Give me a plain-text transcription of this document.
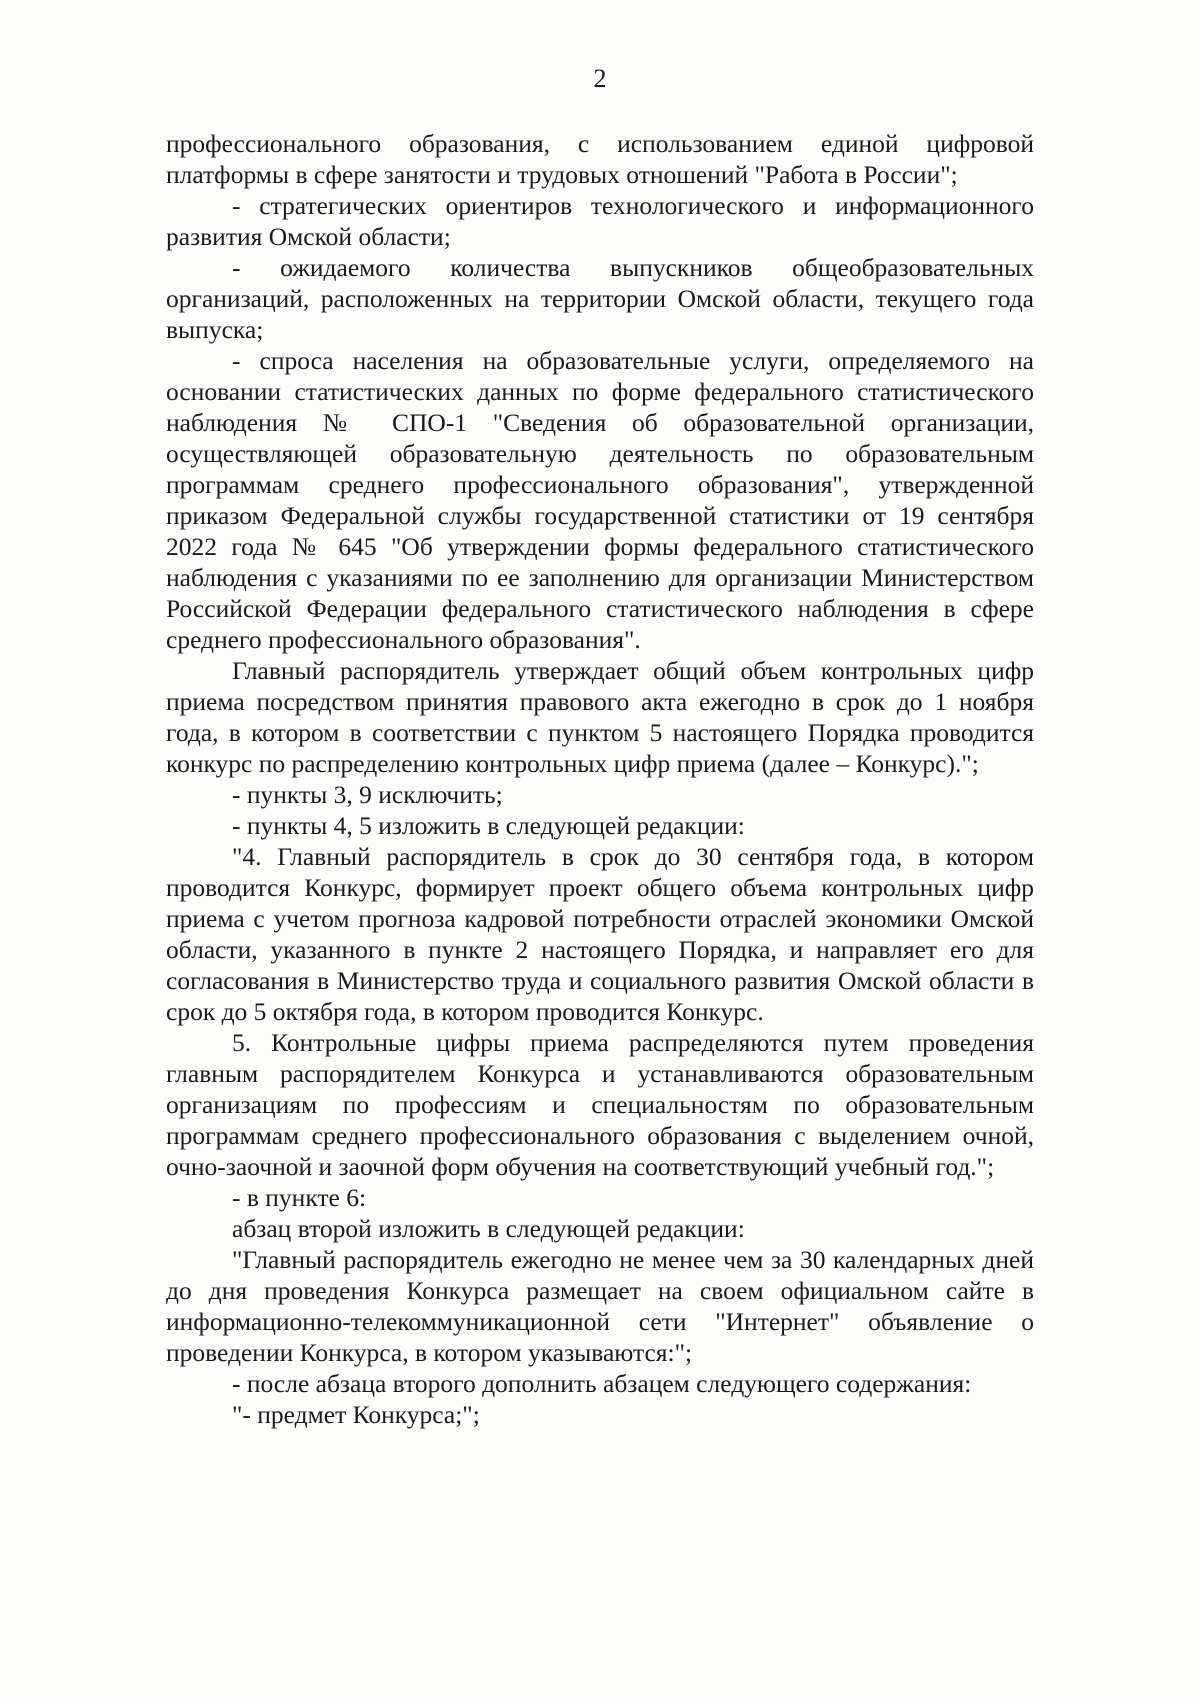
2

профессионального образования, с использованием единой цифровой платформы в сфере занятости и трудовых отношений "Работа в России";

- стратегических ориентиров технологического и информационного развития Омской области;

- ожидаемого количества выпускников общеобразовательных организаций, расположенных на территории Омской области, текущего года выпуска;

- спроса населения на образовательные услуги, определяемого на основании статистических данных по форме федерального статистического наблюдения № СПО-1 "Сведения об образовательной организации, осуществляющей образовательную деятельность по образовательным программам среднего профессионального образования", утвержденной приказом Федеральной службы государственной статистики от 19 сентября 2022 года № 645 "Об утверждении формы федерального статистического наблюдения с указаниями по ее заполнению для организации Министерством Российской Федерации федерального статистического наблюдения в сфере среднего профессионального образования".

Главный распорядитель утверждает общий объем контрольных цифр приема посредством принятия правового акта ежегодно в срок до 1 ноября года, в котором в соответствии с пунктом 5 настоящего Порядка проводится конкурс по распределению контрольных цифр приема (далее – Конкурс).";

- пункты 3, 9 исключить;

- пункты 4, 5 изложить в следующей редакции:

"4. Главный распорядитель в срок до 30 сентября года, в котором проводится Конкурс, формирует проект общего объема контрольных цифр приема с учетом прогноза кадровой потребности отраслей экономики Омской области, указанного в пункте 2 настоящего Порядка, и направляет его для согласования в Министерство труда и социального развития Омской области в срок до 5 октября года, в котором проводится Конкурс.

5. Контрольные цифры приема распределяются путем проведения главным распорядителем Конкурса и устанавливаются образовательным организациям по профессиям и специальностям по образовательным программам среднего профессионального образования с выделением очной, очно-заочной и заочной форм обучения на соответствующий учебный год.";

- в пункте 6:

абзац второй изложить в следующей редакции:

"Главный распорядитель ежегодно не менее чем за 30 календарных дней до дня проведения Конкурса размещает на своем официальном сайте в информационно-телекоммуникационной сети "Интернет" объявление о проведении Конкурса, в котором указываются:";

- после абзаца второго дополнить абзацем следующего содержания:

"- предмет Конкурса;";
